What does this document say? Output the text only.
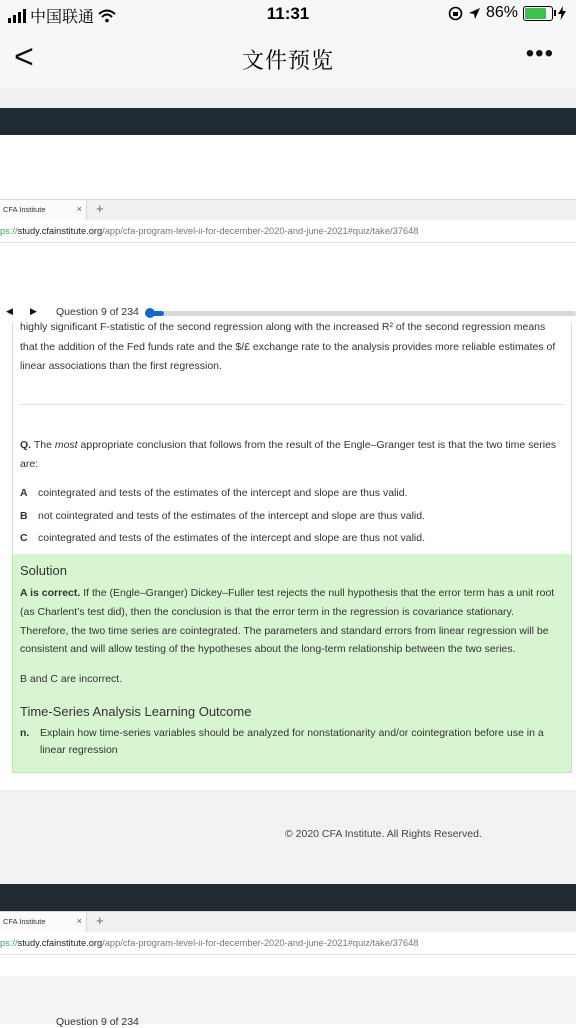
中国联通	11:31	86%
<	文件预览	•••
CFA Institute	× +
ps://study.cfainstitute.org/app/cfa-program-level-ii-for-december-2020-and-june-2021#quiz/take/37648
◀ ▶ Question 9 of 234
highly significant F-statistic of the second regression along with the increased R² of the second regression means
that the addition of the Fed funds rate and the $/£ exchange rate to the analysis provides more reliable estimates of
linear associations than the first regression.
Q. The most appropriate conclusion that follows from the result of the Engle–Granger test is that the two time series
are:
A cointegrated and tests of the estimates of the intercept and slope are thus valid.
B not cointegrated and tests of the estimates of the intercept and slope are thus valid.
C cointegrated and tests of the estimates of the intercept and slope are thus not valid.
Solution
A is correct. If the (Engle–Granger) Dickey–Fuller test rejects the null hypothesis that the error term has a unit root
(as Charlent’s test did), then the conclusion is that the error term in the regression is covariance stationary.
Therefore, the two time series are cointegrated. The parameters and standard errors from linear regression will be
consistent and will allow testing of the hypotheses about the long-term relationship between the two series.
B and C are incorrect.
Time-Series Analysis Learning Outcome
n. Explain how time-series variables should be analyzed for nonstationarity and/or cointegration before use in a
linear regression
© 2020 CFA Institute. All Rights Reserved.
CFA Institute	× +
ps://study.cfainstitute.org/app/cfa-program-level-ii-for-december-2020-and-june-2021#quiz/take/37648
Question 9 of 234
